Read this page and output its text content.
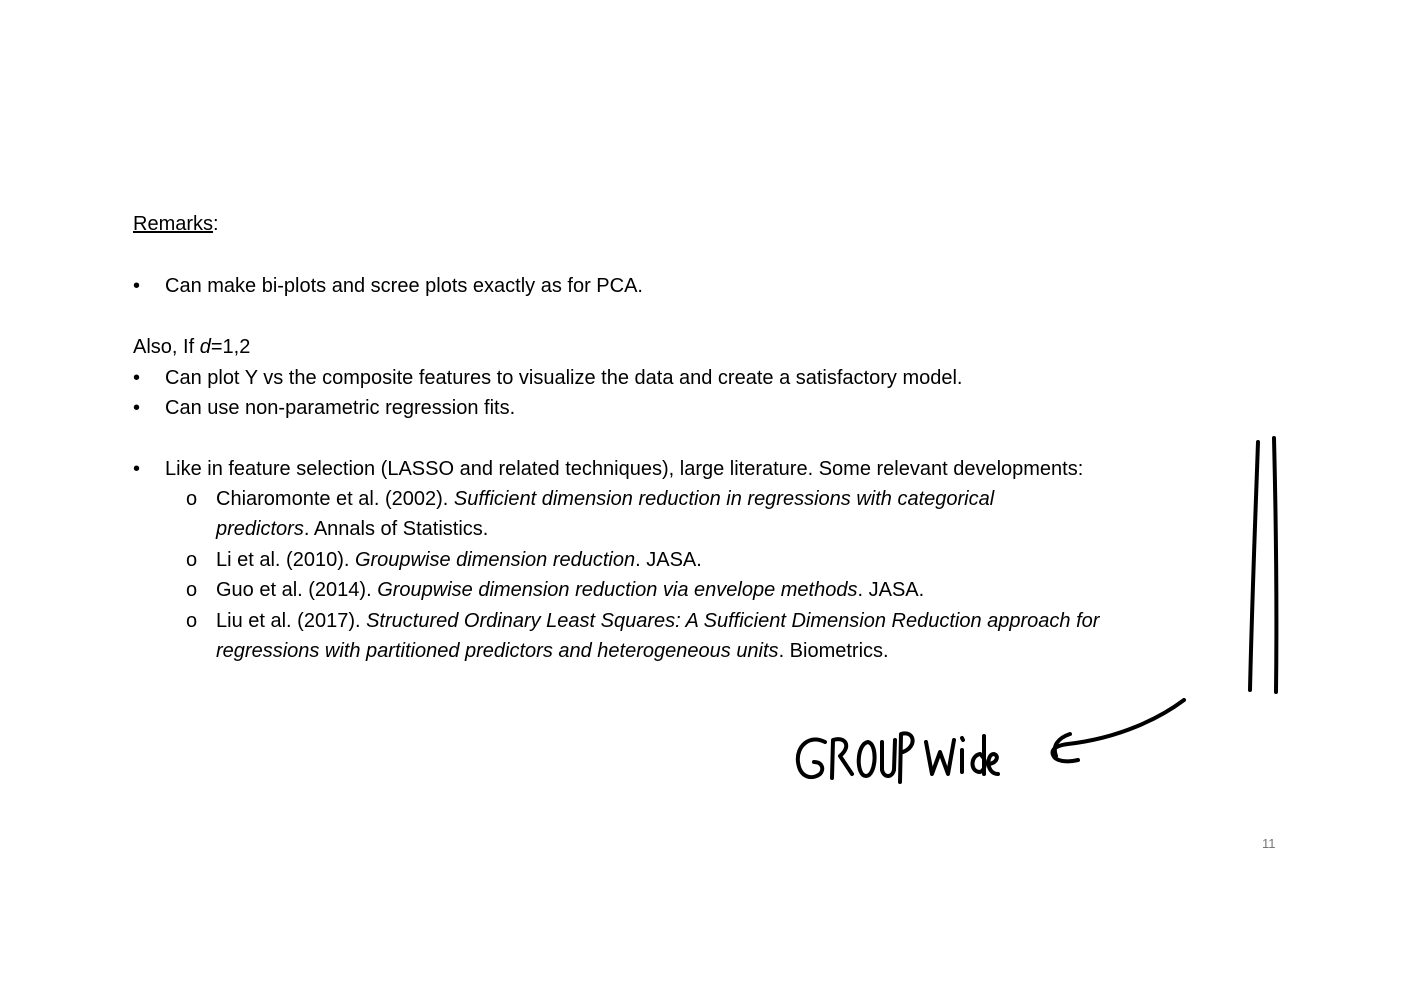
Remarks:
• Can make bi-plots and scree plots exactly as for PCA.
Also, If d=1,2
• Can plot Y vs the composite features to visualize the data and create a satisfactory model.
• Can use non-parametric regression fits.
• Like in feature selection (LASSO and related techniques), large literature. Some relevant developments:
o Chiaromonte et al. (2002). Sufficient dimension reduction in regressions with categorical
predictors. Annals of Statistics.
o Li et al. (2010). Groupwise dimension reduction. JASA.
o Guo et al. (2014). Groupwise dimension reduction via envelope methods. JASA.
o Liu et al. (2017). Structured Ordinary Least Squares: A Sufficient Dimension Reduction approach for
regressions with partitioned predictors and heterogeneous units. Biometrics.
11
